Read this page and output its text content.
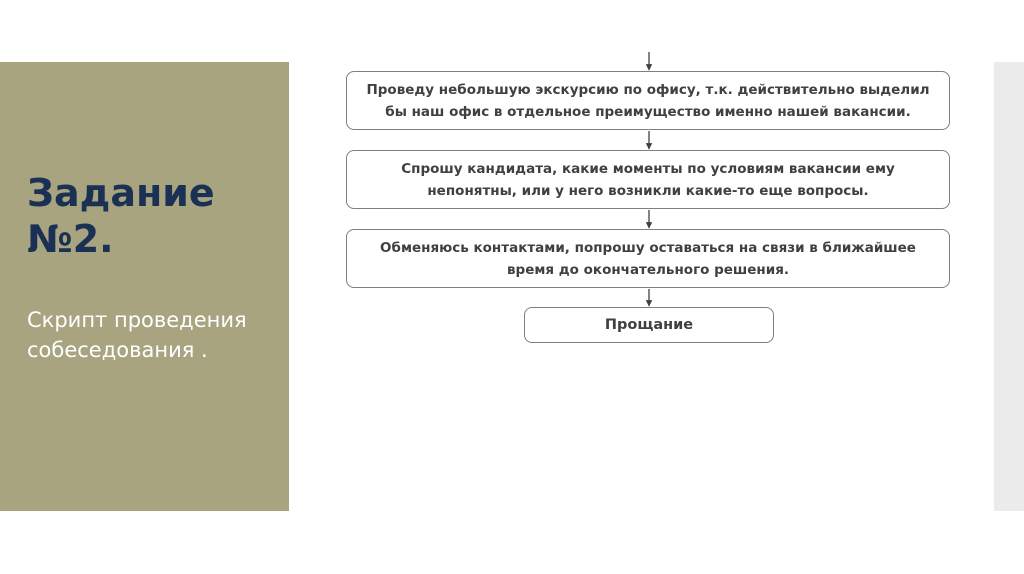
Задание
№2.

Скрипт проведения собеседования .

Проведу небольшую экскурсию по офису, т.к. действительно выделил бы наш офис в отдельное преимущество именно нашей вакансии.
Спрошу кандидата, какие моменты по условиям вакансии ему непонятны, или у него возникли какие-то еще вопросы.
Обменяюсь контактами, попрошу оставаться на связи в ближайшее время до окончательного решения.
Прощание
